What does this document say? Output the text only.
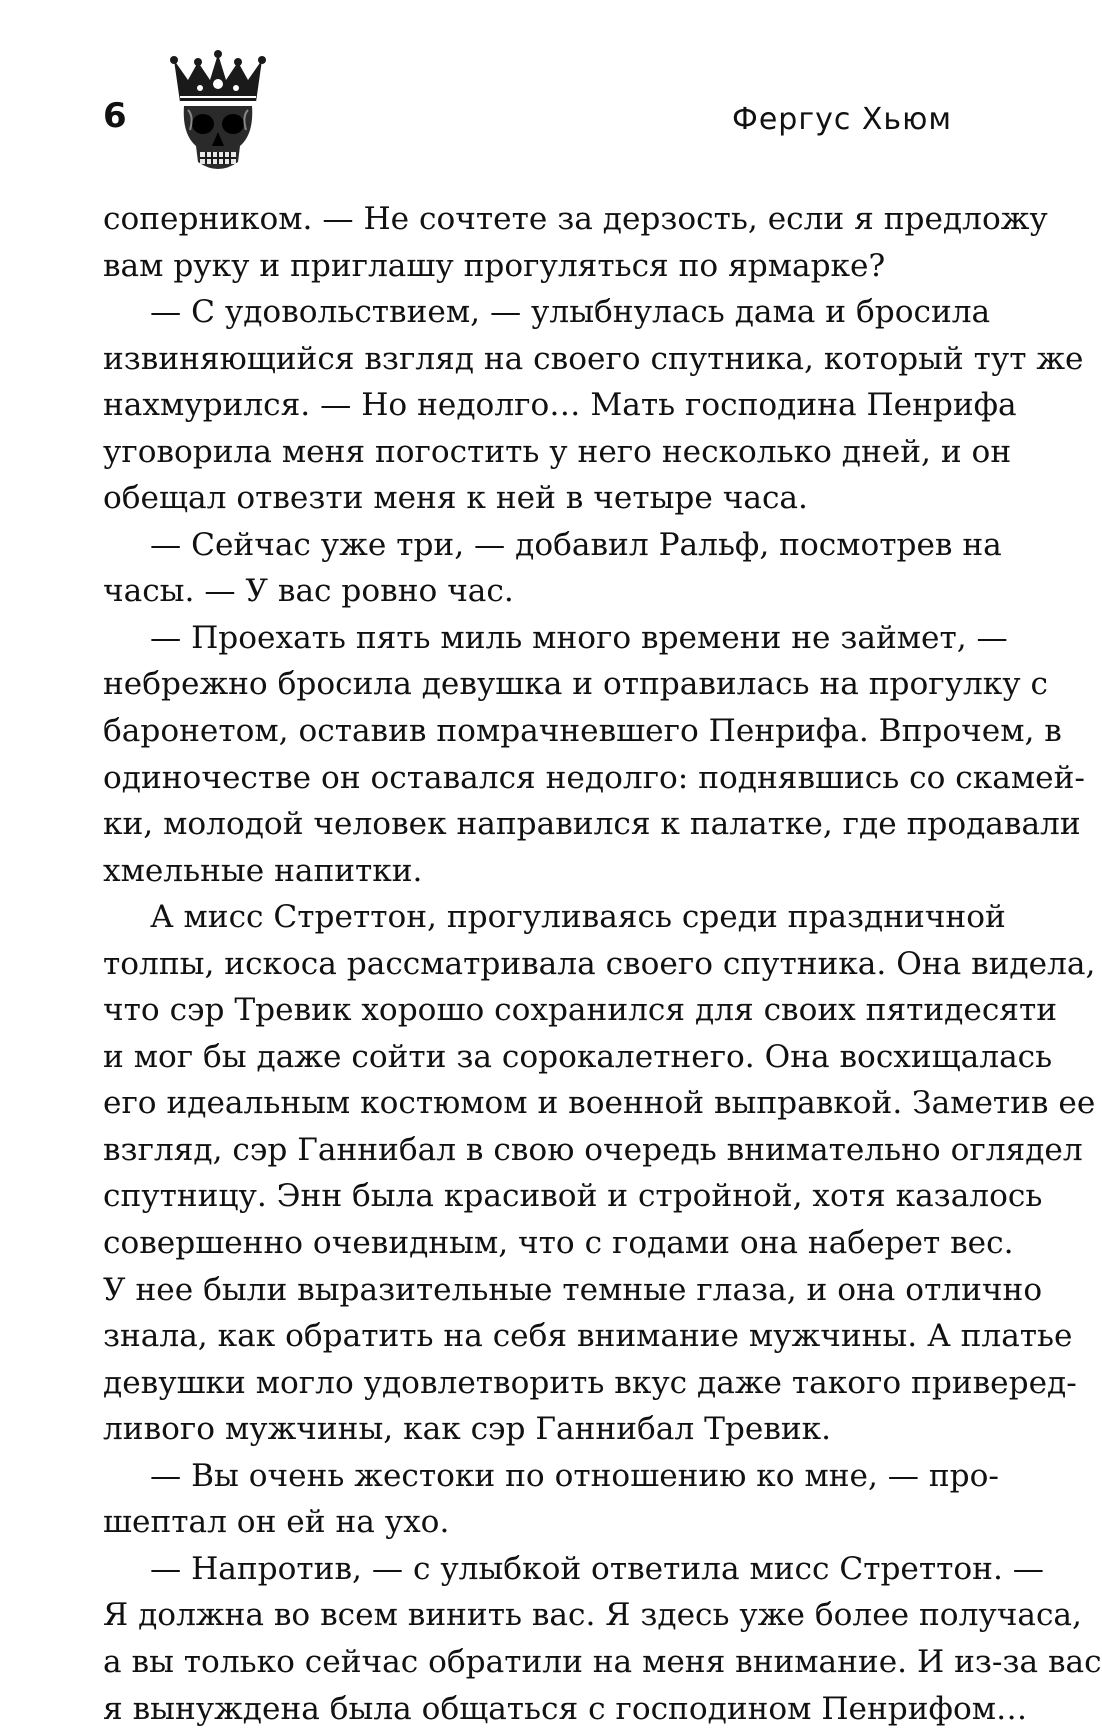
6	Фергус Хьюм

соперником. — Не сочтете за дерзость, если я предложу
вам руку и приглашу прогуляться по ярмарке?
— С удовольствием, — улыбнулась дама и бросила
извиняющийся взгляд на своего спутника, который тут же
нахмурился. — Но недолго… Мать господина Пенрифа
уговорила меня погостить у него несколько дней, и он
обещал отвезти меня к ней в четыре часа.
— Сейчас уже три, — добавил Ральф, посмотрев на
часы. — У вас ровно час.
— Проехать пять миль много времени не займет, —
небрежно бросила девушка и отправилась на прогулку с
баронетом, оставив помрачневшего Пенрифа. Впрочем, в
одиночестве он оставался недолго: поднявшись со скамей-
ки, молодой человек направился к палатке, где продавали
хмельные напитки.
А мисс Стреттон, прогуливаясь среди праздничной
толпы, искоса рассматривала своего спутника. Она видела,
что сэр Тревик хорошо сохранился для своих пятидесяти
и мог бы даже сойти за сорокалетнего. Она восхищалась
его идеальным костюмом и военной выправкой. Заметив ее
взгляд, сэр Ганнибал в свою очередь внимательно оглядел
спутницу. Энн была красивой и стройной, хотя казалось
совершенно очевидным, что с годами она наберет вес.
У нее были выразительные темные глаза, и она отлично
знала, как обратить на себя внимание мужчины. А платье
девушки могло удовлетворить вкус даже такого приверед-
ливого мужчины, как сэр Ганнибал Тревик.
— Вы очень жестоки по отношению ко мне, — про-
шептал он ей на ухо.
— Напротив, — с улыбкой ответила мисс Стреттон. —
Я должна во всем винить вас. Я здесь уже более получаса,
а вы только сейчас обратили на меня внимание. И из-за вас
я вынуждена была общаться с господином Пенрифом…
